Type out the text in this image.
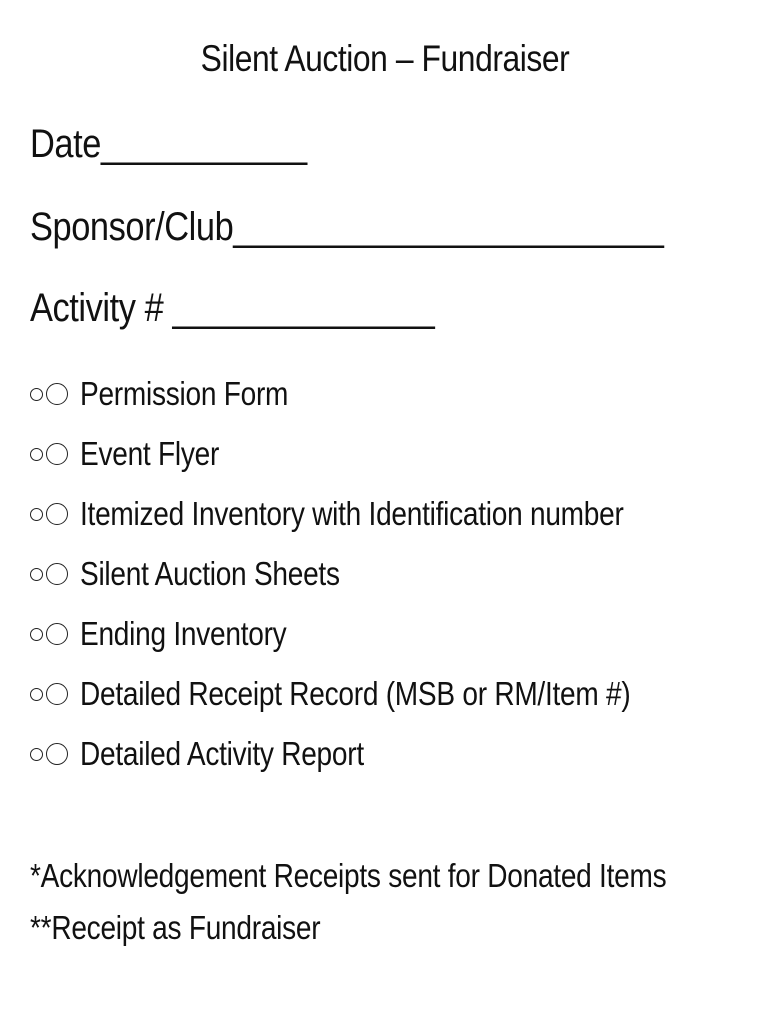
Silent Auction – Fundraiser
Date___________
Sponsor/Club_______________________
Activity # ______________
Permission Form
Event Flyer
Itemized Inventory with Identification number
Silent Auction Sheets
Ending Inventory
Detailed Receipt Record (MSB or RM/Item #)
Detailed Activity Report
*Acknowledgement Receipts sent for Donated Items
**Receipt as Fundraiser
